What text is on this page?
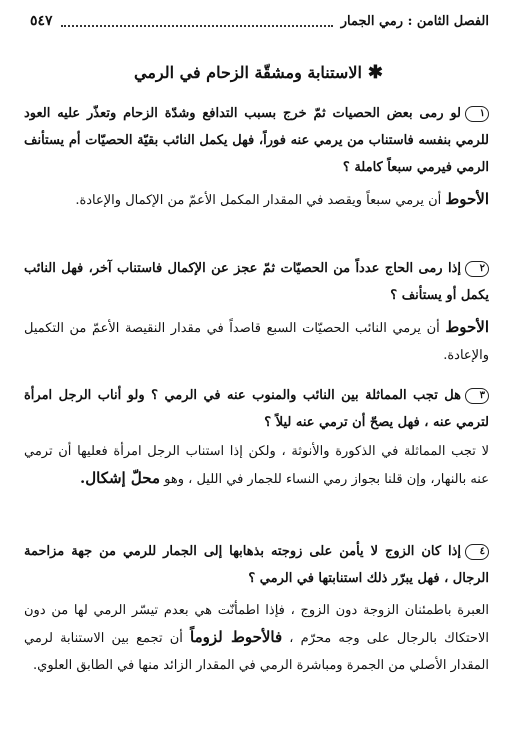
الفصل الثامن : رمي الجمار
٥٤٧
✱الاستنابة ومشقّة الزحام في الرمي
١لو رمى بعض الحصيات ثمّ خرج بسبب التدافع وشدّة الزحام وتعذّر عليه العود للرمي بنفسه فاستناب من يرمي عنه فوراً، فهل يكمل النائب بقيّة الحصيّات أم يستأنف الرمي فيرمي سبعاً كاملة ؟
الأحوط أن يرمي سبعاً ويقصد في المقدار المكمل الأعمّ من الإكمال والإعادة.
٢إذا رمى الحاج عدداً من الحصيّات ثمّ عجز عن الإكمال فاستناب آخر، فهل النائب يكمل أو يستأنف ؟
الأحوط أن يرمي النائب الحصيّات السبع قاصداً في مقدار النقيصة الأعمّ من التكميل والإعادة.
٣هل تجب المماثلة بين النائب والمنوب عنه في الرمي ؟ ولو أناب الرجل امرأة لترمي عنه ، فهل يصحّ أن ترمي عنه ليلاً ؟
لا تجب المماثلة في الذكورة والأنوثة ، ولكن إذا استناب الرجل امرأة فعليها أن ترمي عنه بالنهار، وإن قلنا بجواز رمي النساء للجمار في الليل ، وهو محلّ إشكال.
٤إذا كان الزوج لا يأمن على زوجته بذهابها إلى الجمار للرمي من جهة مزاحمة الرجال ، فهل يبرّر ذلك استنابتها في الرمي ؟
العبرة باطمئنان الزوجة دون الزوج ، فإذا اطمأنّت هي بعدم تيسّر الرمي لها من دون الاحتكاك بالرجال على وجه محرّم ، فالأحوط لزوماً أن تجمع بين الاستنابة لرمي المقدار الأصلي من الجمرة ومباشرة الرمي في المقدار الزائد منها في الطابق العلوي.
